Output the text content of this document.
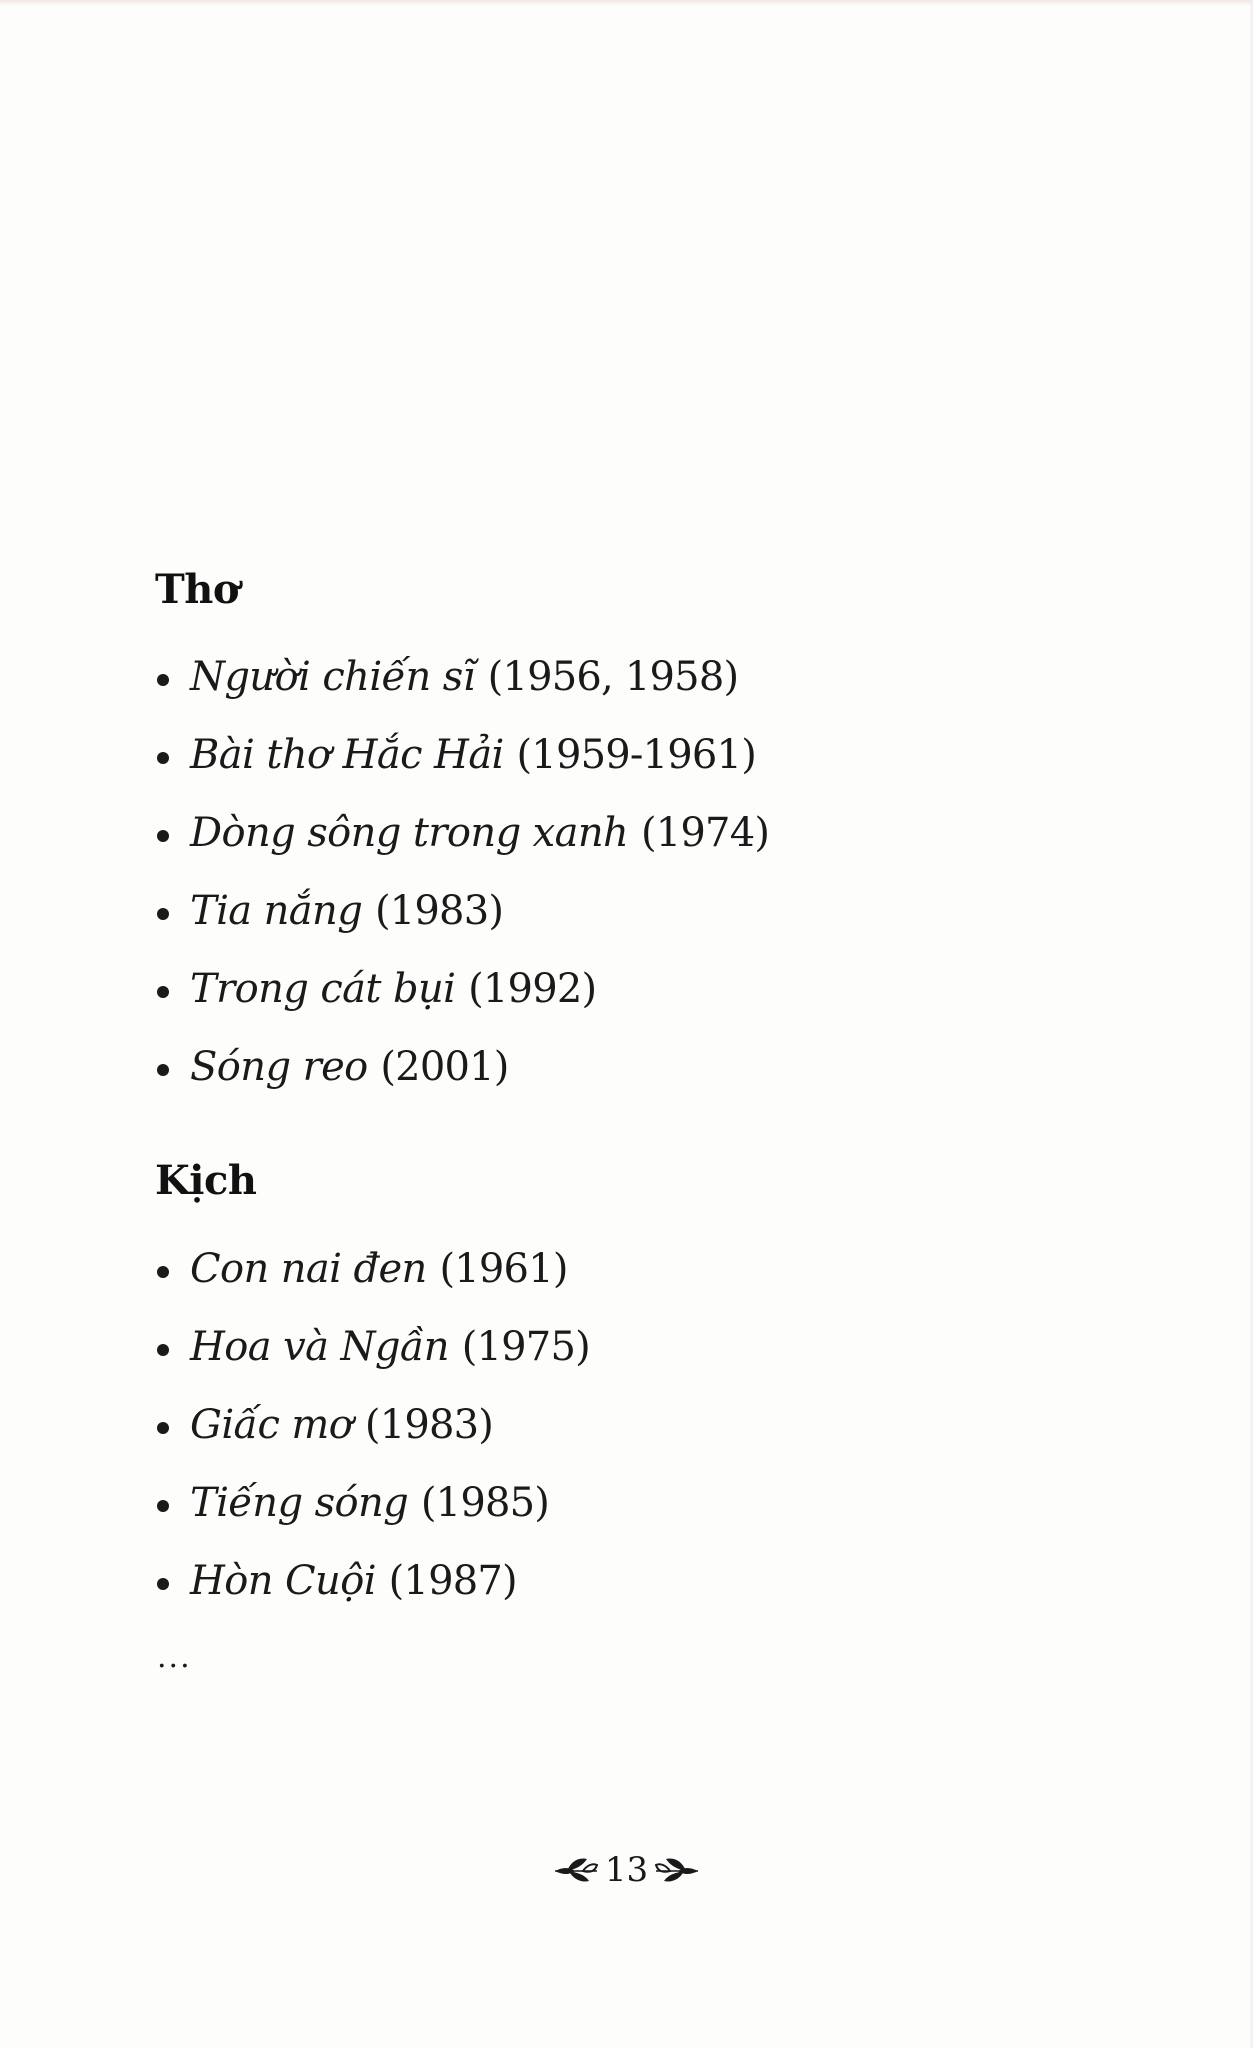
Thơ
Người chiến sĩ (1956, 1958)
Bài thơ Hắc Hải (1959-1961)
Dòng sông trong xanh (1974)
Tia nắng (1983)
Trong cát bụi (1992)
Sóng reo (2001)
Kịch
Con nai đen (1961)
Hoa và Ngần (1975)
Giấc mơ (1983)
Tiếng sóng (1985)
Hòn Cuội (1987)

...

13
